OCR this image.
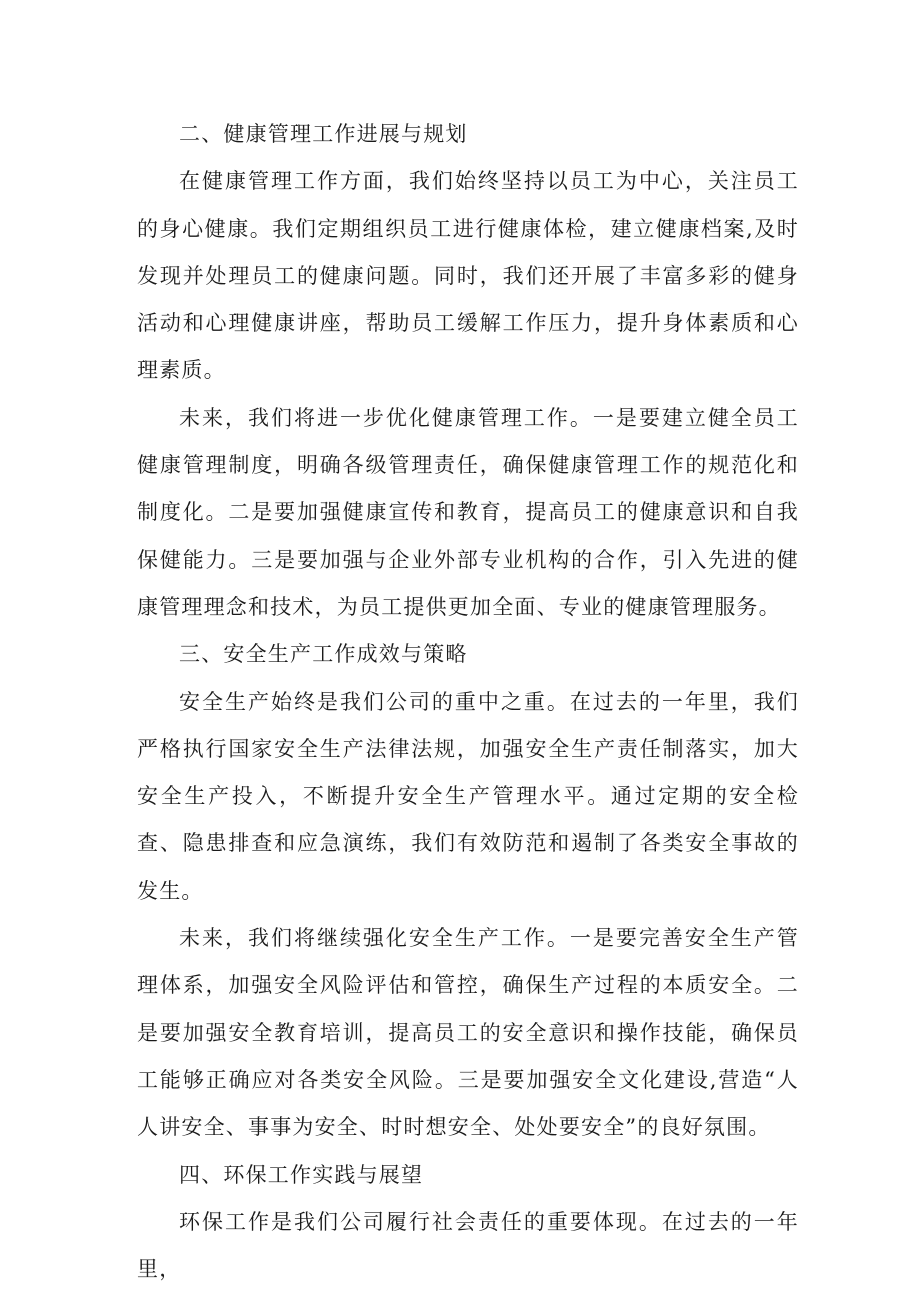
二、健康管理工作进展与规划

在健康管理工作方面，我们始终坚持以员工为中心，关注员工的身心健康。我们定期组织员工进行健康体检，建立健康档案,及时发现并处理员工的健康问题。同时，我们还开展了丰富多彩的健身活动和心理健康讲座，帮助员工缓解工作压力，提升身体素质和心理素质。

未来，我们将进一步优化健康管理工作。一是要建立健全员工健康管理制度，明确各级管理责任，确保健康管理工作的规范化和制度化。二是要加强健康宣传和教育，提高员工的健康意识和自我保健能力。三是要加强与企业外部专业机构的合作，引入先进的健康管理理念和技术，为员工提供更加全面、专业的健康管理服务。

三、安全生产工作成效与策略

安全生产始终是我们公司的重中之重。在过去的一年里，我们严格执行国家安全生产法律法规，加强安全生产责任制落实，加大安全生产投入，不断提升安全生产管理水平。通过定期的安全检查、隐患排查和应急演练，我们有效防范和遏制了各类安全事故的发生。

未来，我们将继续强化安全生产工作。一是要完善安全生产管理体系，加强安全风险评估和管控，确保生产过程的本质安全。二是要加强安全教育培训，提高员工的安全意识和操作技能，确保员工能够正确应对各类安全风险。三是要加强安全文化建设,营造“人人讲安全、事事为安全、时时想安全、处处要安全”的良好氛围。

四、环保工作实践与展望

环保工作是我们公司履行社会责任的重要体现。在过去的一年里，
